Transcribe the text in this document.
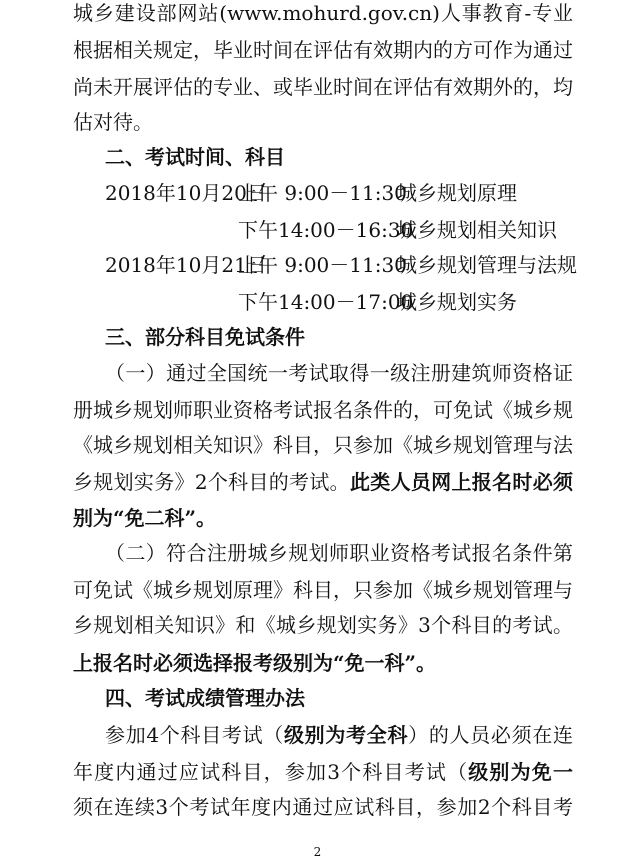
城乡建设部网站(www.mohurd.gov.cn)人事教育-专业
根据相关规定，毕业时间在评估有效期内的方可作为通过
尚未开展评估的专业、或毕业时间在评估有效期外的，均
估对待。
二、考试时间、科目
三、部分科目免试条件
（一）通过全国统一考试取得一级注册建筑师资格证
册城乡规划师职业资格考试报名条件的，可免试《城乡规
《城乡规划相关知识》科目，只参加《城乡规划管理与法
乡规划实务》2个科目的考试。此类人员网上报名时必须
别为“免二科”。
（二）符合注册城乡规划师职业资格考试报名条件第
可免试《城乡规划原理》科目，只参加《城乡规划管理与
乡规划相关知识》和《城乡规划实务》3个科目的考试。
上报名时必须选择报考级别为“免一科”。
四、考试成绩管理办法
参加4个科目考试（级别为考全科）的人员必须在连
年度内通过应试科目，参加3个科目考试（级别为免一
须在连续3个考试年度内通过应试科目，参加2个科目考
2018年10月20日
上午 9:00－11:30
城乡规划原理
下午14:00－16:30
城乡规划相关知识
2018年10月21日
上午 9:00－11:30
城乡规划管理与法规
下午14:00－17:00
城乡规划实务
2
